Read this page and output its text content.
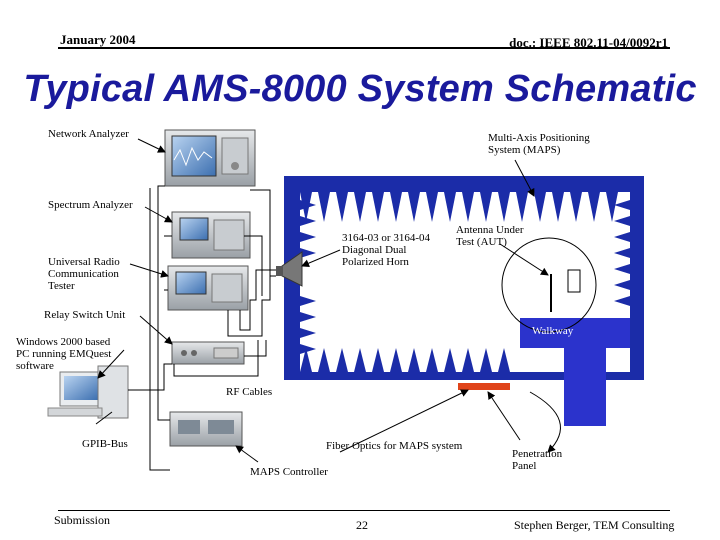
January 2004	doc.: IEEE 802.11-04/0092r1
Typical AMS-8000 System Schematic
Network Analyzer	Multi-Axis Positioning
System (MAPS)
Spectrum Analyzer
3164-03 or 3164-04
Diagonal Dual
Polarized Horn
Antenna Under
Test (AUT)
Universal Radio
Communication
Tester
Relay Switch Unit
Walkway
Windows 2000 based
PC running EMQuest
software
RF Cables
GPIB-Bus	Fiber Optics for MAPS system
MAPS Controller
Penetration
Panel
Submission	22	Stephen Berger, TEM Consulting
